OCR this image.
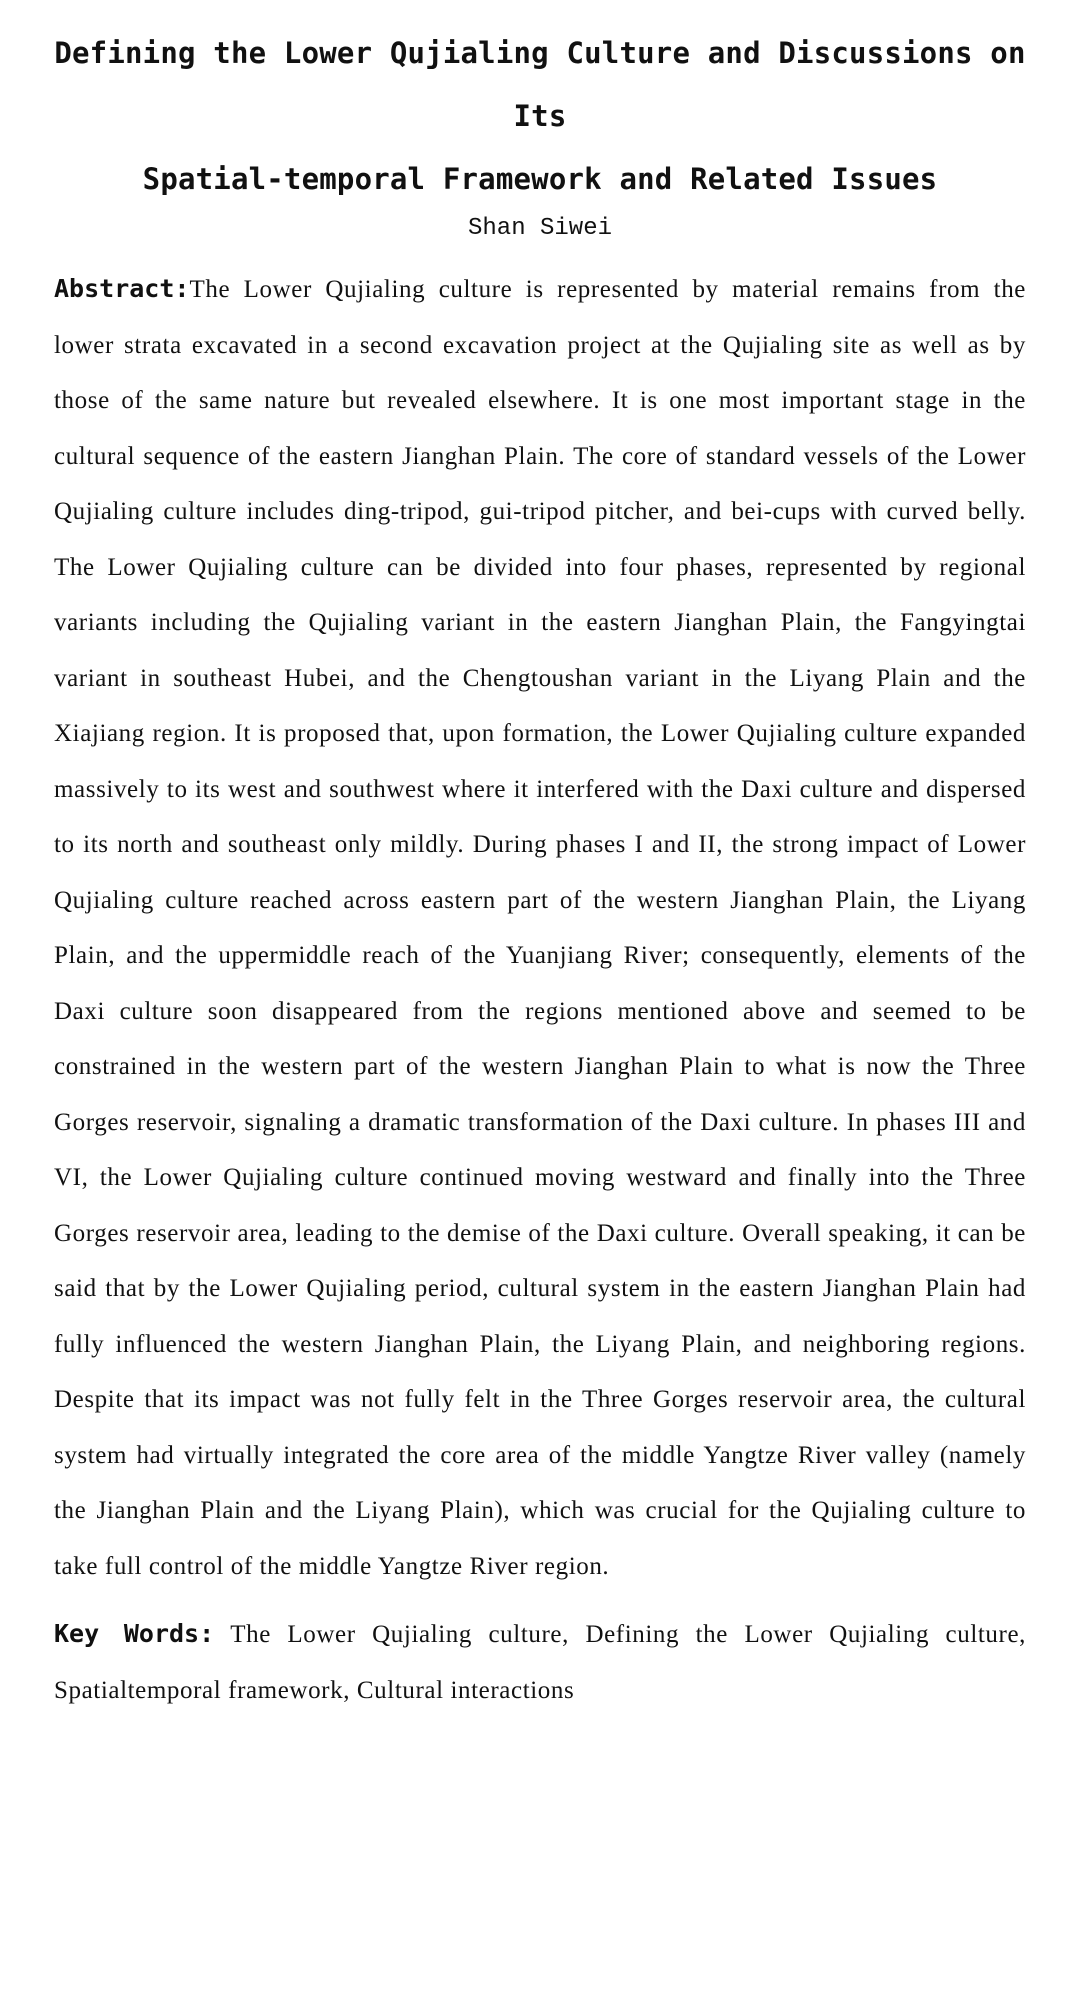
Defining the Lower Qujialing Culture and Discussions on Its
Spatial-temporal Framework and Related Issues

Shan Siwei

Abstract:The Lower Qujialing culture is represented by material remains from the lower strata excavated in a second excavation project at the Qujialing site as well as by those of the same nature but revealed elsewhere. It is one most important stage in the cultural sequence of the eastern Jianghan Plain. The core of standard vessels of the Lower Qujialing culture includes ding-tripod, gui-tripod pitcher, and bei-cups with curved belly. The Lower Qujialing culture can be divided into four phases, represented by regional variants including the Qujialing variant in the eastern Jianghan Plain, the Fangyingtai variant in southeast Hubei, and the Chengtoushan variant in the Liyang Plain and the Xiajiang region. It is proposed that, upon formation, the Lower Qujialing culture expanded massively to its west and southwest where it interfered with the Daxi culture and dispersed to its north and southeast only mildly. During phases I and II, the strong impact of Lower Qujialing culture reached across eastern part of the western Jianghan Plain, the Liyang Plain, and the uppermiddle reach of the Yuanjiang River; consequently, elements of the Daxi culture soon disappeared from the regions mentioned above and seemed to be constrained in the western part of the western Jianghan Plain to what is now the Three Gorges reservoir, signaling a dramatic transformation of the Daxi culture. In phases III and VI, the Lower Qujialing culture continued moving westward and finally into the Three Gorges reservoir area, leading to the demise of the Daxi culture. Overall speaking, it can be said that by the Lower Qujialing period, cultural system in the eastern Jianghan Plain had fully influenced the western Jianghan Plain, the Liyang Plain, and neighboring regions. Despite that its impact was not fully felt in the Three Gorges reservoir area, the cultural system had virtually integrated the core area of the middle Yangtze River valley (namely the Jianghan Plain and the Liyang Plain), which was crucial for the Qujialing culture to take full control of the middle Yangtze River region.

Key Words: The Lower Qujialing culture, Defining the Lower Qujialing culture, Spatialtemporal framework, Cultural interactions
